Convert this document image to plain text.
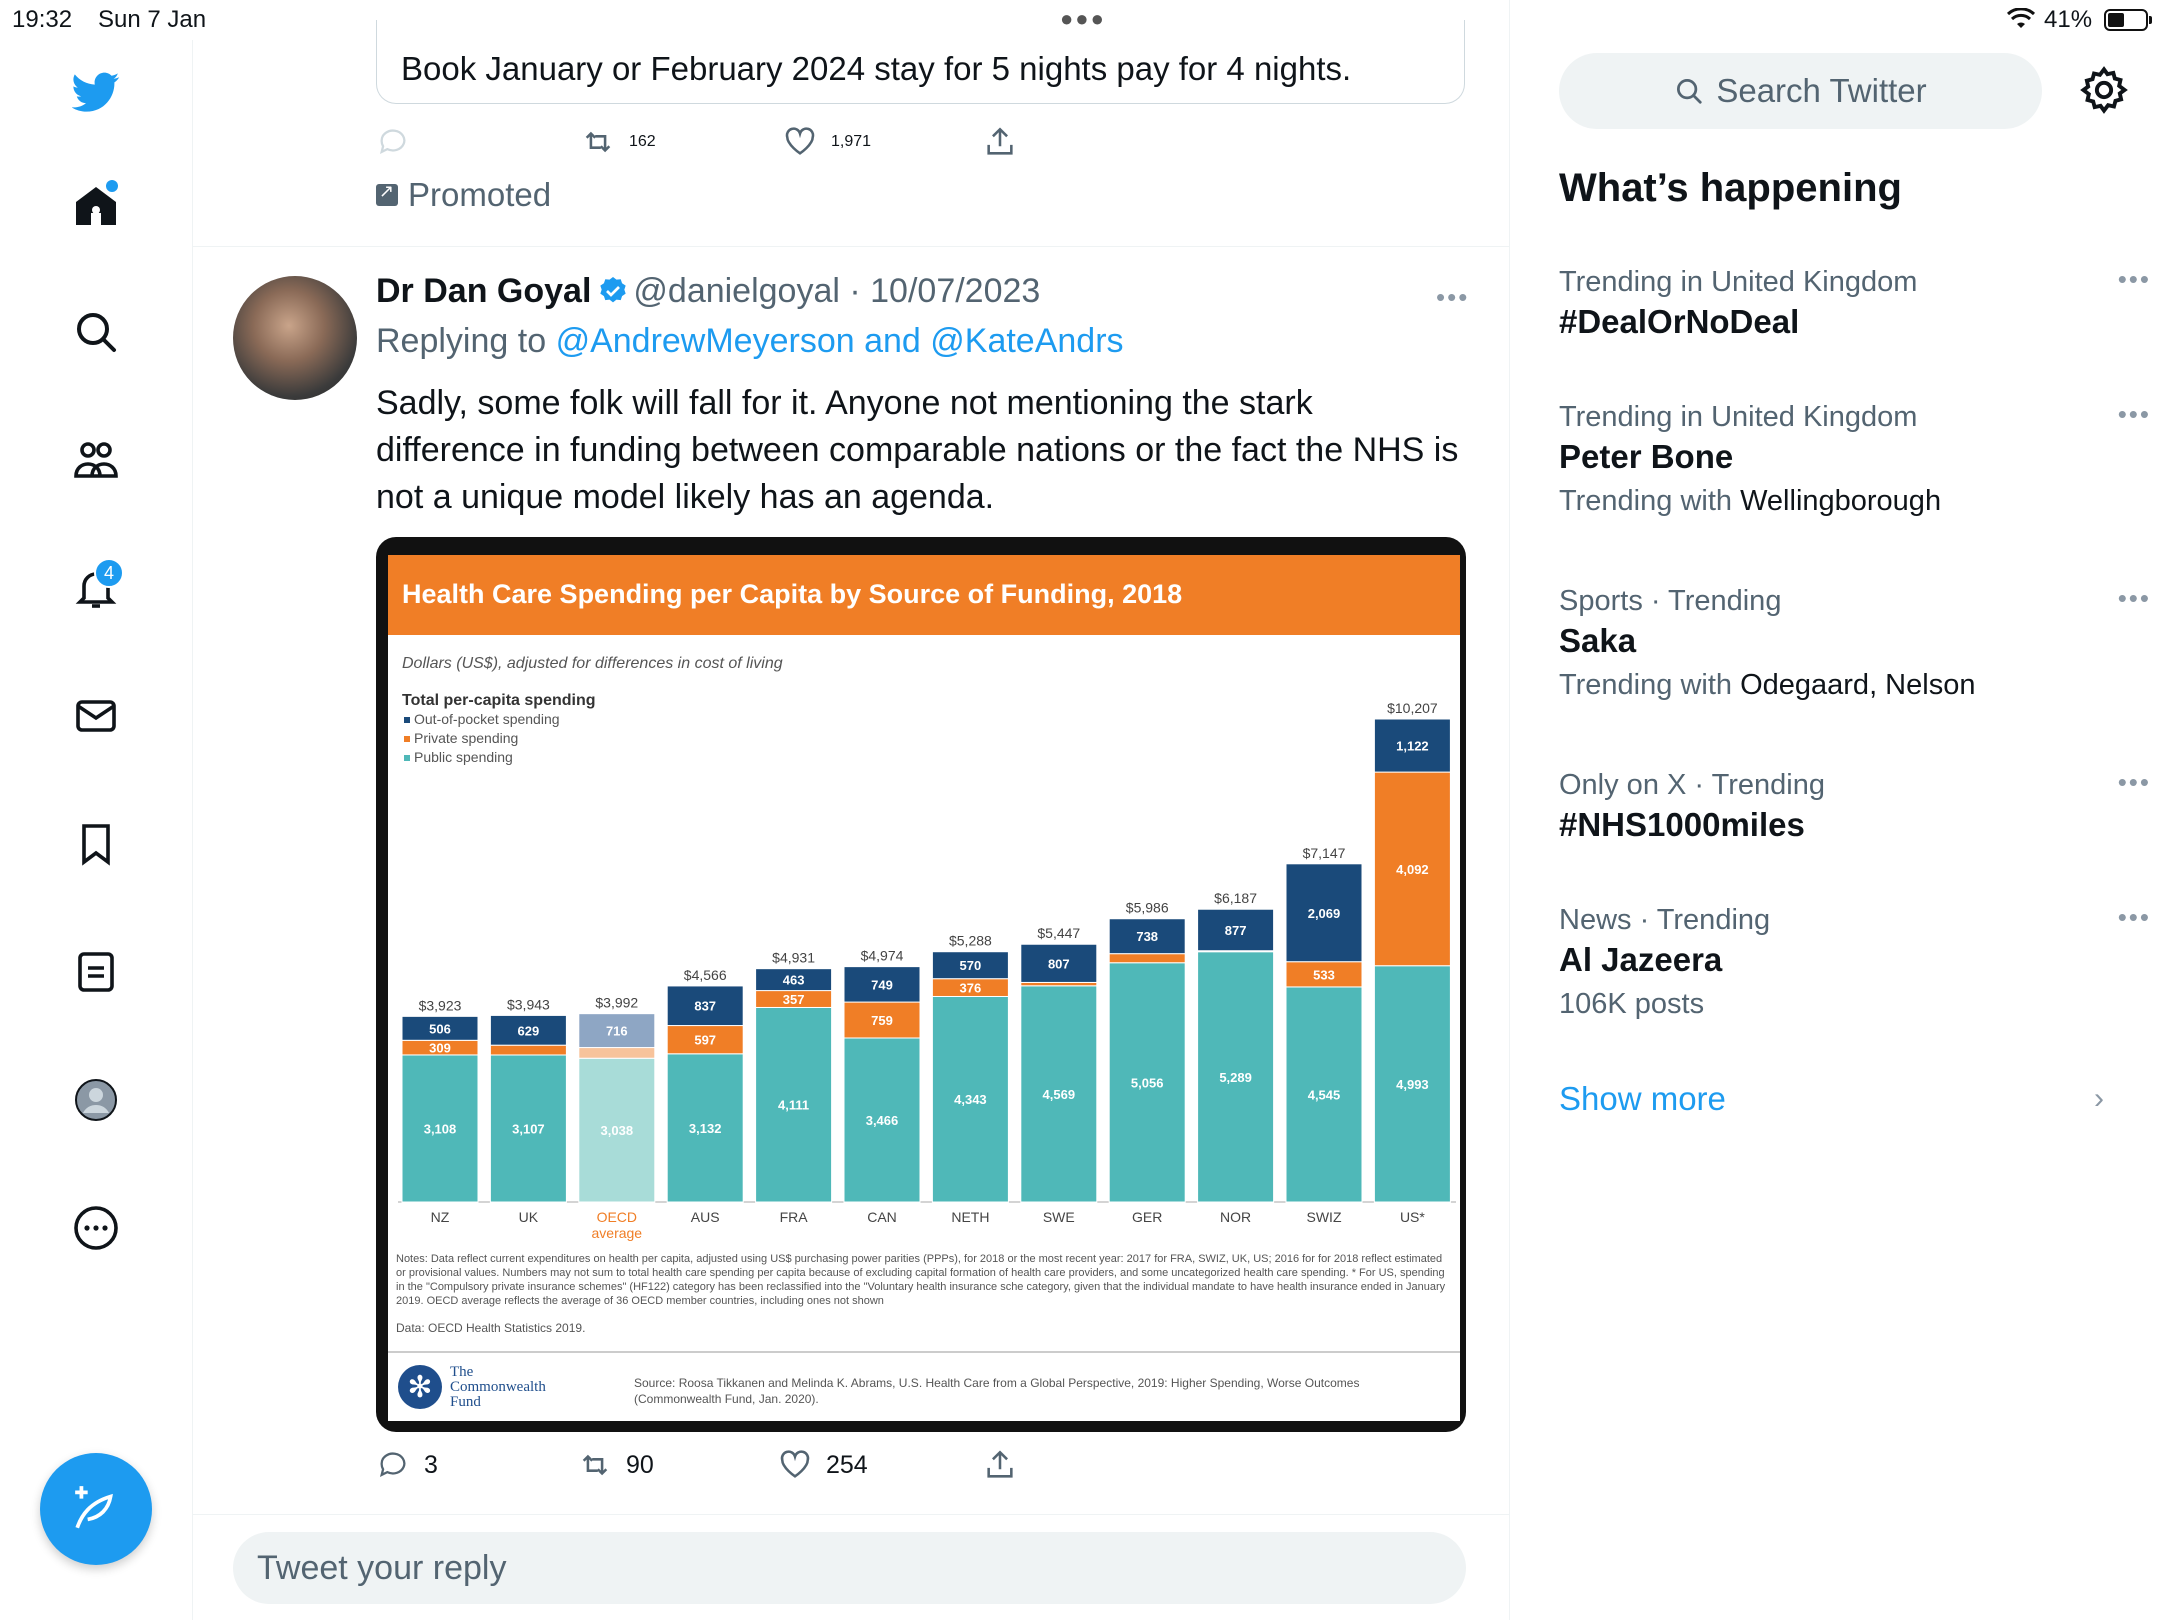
19:32 Sun 7 Jan	●●●	41%
4
Book January or February 2024 stay for 5 nights pay for 4 nights.
162	1,971
↗
Promoted
Dr Dan Goyal @danielgoyal · 10/07/2023	•••
Replying to @AndrewMeyerson and @KateAndrs

Sadly, some folk will fall for it. Anyone not mentioning the stark difference in funding between comparable nations or the fact the NHS is not a unique model likely has an agenda.

Health Care Spending per Capita by Source of Funding, 2018
Dollars (US$), adjusted for differences in cost of living
Total per-capita spending
Out-of-pocket spending
Private spending
Public spending
3,108
309
506
$3,923
NZ
3,107
629
$3,943
UK
3,038
716
$3,992
OECD
average
3,132
597
837
$4,566
AUS
4,111
357
463
$4,931
FRA
3,466
759
749
$4,974
CAN
4,343
376
570
$5,288
NETH
4,569
807
$5,447
SWE
5,056
738
$5,986
GER
5,289
877
$6,187
NOR
4,545
533
2,069
$7,147
SWIZ
4,993
4,092
1,122
$10,207
US*

Notes: Data reflect current expenditures on health per capita, adjusted using US$ purchasing power parities (PPPs), for 2018 or the most recent year: 2017 for FRA, SWIZ, UK, US; 2016 for for 2018 reflect estimated or provisional values. Numbers may not sum to total health care spending per capita because of excluding capital formation of health care providers, and some uncategorized health care spending. * For US, spending in the "Compulsory private insurance schemes" (HF122) category has been reclassified into the "Voluntary health insurance sche category, given that the individual mandate to have health insurance ended in January 2019. OECD average reflects the average of 36 OECD member countries, including ones not shown

Data: OECD Health Statistics 2019.
✻	The Commonwealth Fund
Source: Roosa Tikkanen and Melinda K. Abrams, U.S. Health Care from a Global Perspective, 2019: Higher Spending, Worse Outcomes (Commonwealth Fund, Jan. 2020).
3	90	254
Tweet your reply
Search Twitter
What’s happening
Trending in United Kingdom
#DealOrNoDeal
•••
Trending in United Kingdom
Peter Bone
Trending with Wellingborough
•••
Sports · Trending
Saka
Trending with Odegaard, Nelson
•••
Only on X · Trending
#NHS1000miles
•••
News · Trending
Al Jazeera
106K posts
•••
Show more	›
